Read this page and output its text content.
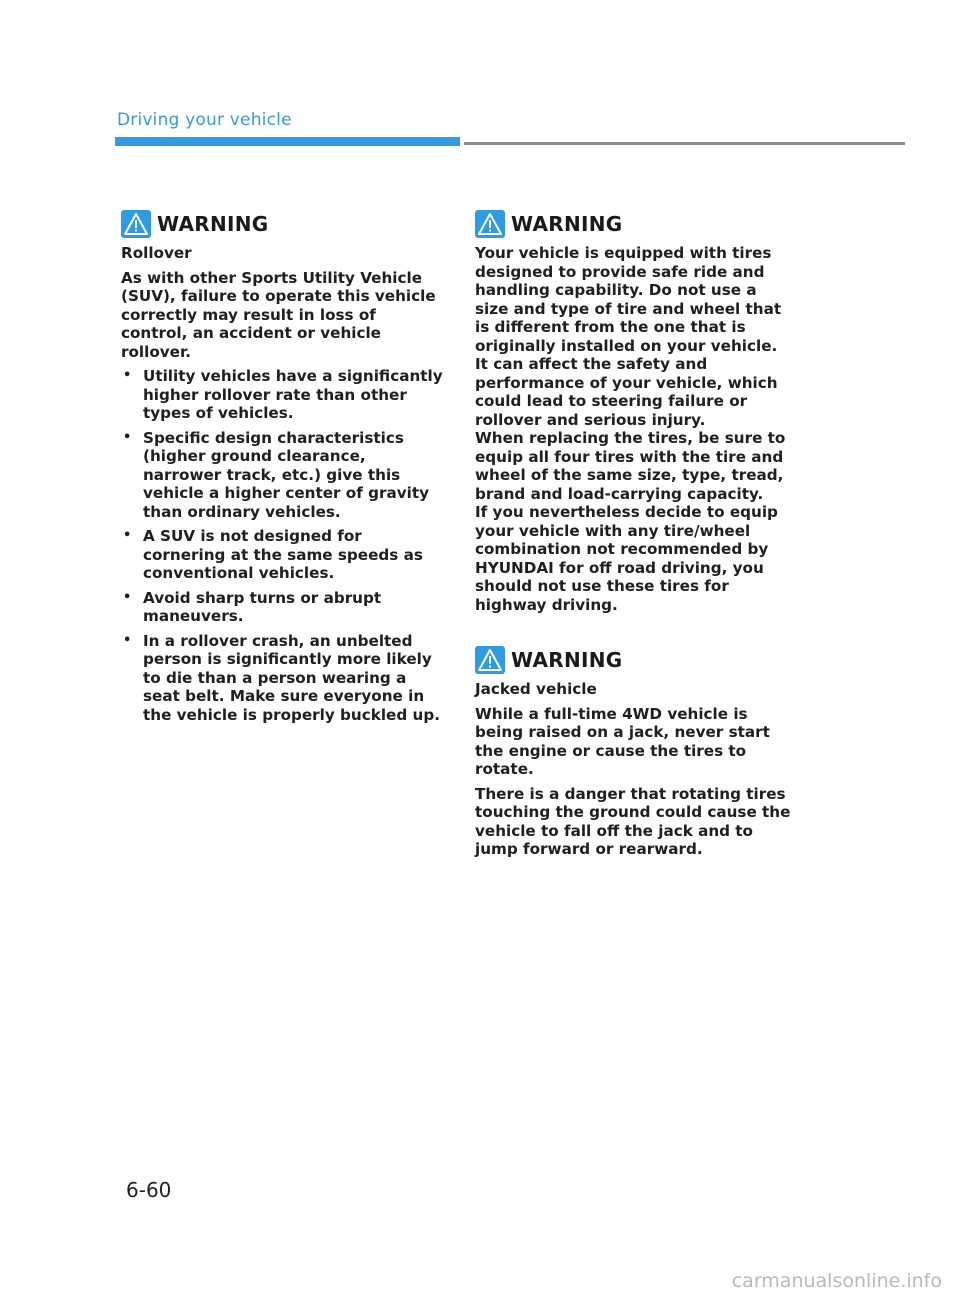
Driving your vehicle
WARNING

Rollover

As with other Sports Utility Vehicle (SUV), failure to operate this vehicle correctly may result in loss of control, an accident or vehicle rollover.

• Utility vehicles have a significantly higher rollover rate than other types of vehicles.
• Specific design characteristics (higher ground clearance, narrower track, etc.) give this vehicle a higher center of gravity than ordinary vehicles.
• A SUV is not designed for cornering at the same speeds as conventional vehicles.
• Avoid sharp turns or abrupt maneuvers.
• In a rollover crash, an unbelted person is significantly more likely to die than a person wearing a seat belt. Make sure everyone in the vehicle is properly buckled up.
WARNING

Your vehicle is equipped with tires designed to provide safe ride and handling capability. Do not use a size and type of tire and wheel that is different from the one that is originally installed on your vehicle. It can affect the safety and performance of your vehicle, which could lead to steering failure or rollover and serious injury.

When replacing the tires, be sure to equip all four tires with the tire and wheel of the same size, type, tread, brand and load-carrying capacity.

If you nevertheless decide to equip your vehicle with any tire/wheel combination not recommended by HYUNDAI for off road driving, you should not use these tires for highway driving.

WARNING

Jacked vehicle

While a full-time 4WD vehicle is being raised on a jack, never start the engine or cause the tires to rotate.

There is a danger that rotating tires touching the ground could cause the vehicle to fall off the jack and to jump forward or rearward.

6-60
carmanualsonline.info
